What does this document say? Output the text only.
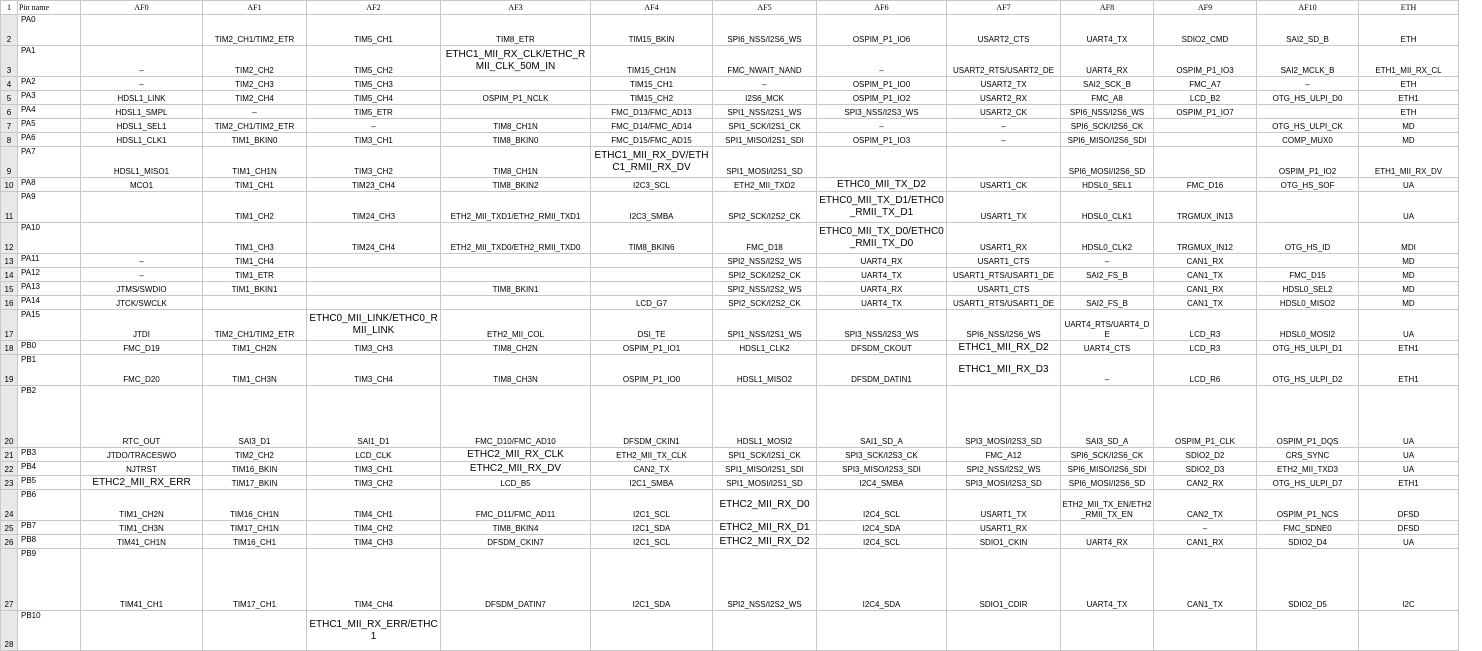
1	Pin name	AF0	AF1	AF2	AF3	AF4	AF5	AF6	AF7	AF8	AF9	AF10	ETH
2	PA0		TIM2_CH1/TIM2_ETR	TIM5_CH1	TIM8_ETR	TIM15_BKIN	SPI6_NSS/I2S6_WS	OSPIM_P1_IO6	USART2_CTS	UART4_TX	SDIO2_CMD	SAI2_SD_B	ETH
3	PA1	–	TIM2_CH2	TIM5_CH2	ETHC1_MII_RX_CLK/ETHC_RMII_CLK_50M_IN	TIM15_CH1N	FMC_NWAIT_NAND	–	USART2_RTS/USART2_DE	UART4_RX	OSPIM_P1_IO3	SAI2_MCLK_B	ETH1_MII_RX_CL
4	PA2	–	TIM2_CH3	TIM5_CH3		TIM15_CH1	–	OSPIM_P1_IO0	USART2_TX	SAI2_SCK_B	FMC_A7	–	ETH
5	PA3	HDSL1_LINK	TIM2_CH4	TIM5_CH4	OSPIM_P1_NCLK	TIM15_CH2	I2S6_MCK	OSPIM_P1_IO2	USART2_RX	FMC_A8	LCD_B2	OTG_HS_ULPI_D0	ETH1
6	PA4	HDSL1_SMPL	–	TIM5_ETR		FMC_D13/FMC_AD13	SPI1_NSS/I2S1_WS	SPI3_NSS/I2S3_WS	USART2_CK	SPI6_NSS/I2S6_WS	OSPIM_P1_IO7		ETH
7	PA5	HDSL1_SEL1	TIM2_CH1/TIM2_ETR	–	TIM8_CH1N	FMC_D14/FMC_AD14	SPI1_SCK/I2S1_CK	–	–	SPI6_SCK/I2S6_CK		OTG_HS_ULPI_CK	MD
8	PA6	HDSL1_CLK1	TIM1_BKIN0	TIM3_CH1	TIM8_BKIN0	FMC_D15/FMC_AD15	SPI1_MISO/I2S1_SDI	OSPIM_P1_IO3	–	SPI6_MISO/I2S6_SDI		COMP_MUX0	MD
9	PA7	HDSL1_MISO1	TIM1_CH1N	TIM3_CH2	TIM8_CH1N	ETHC1_MII_RX_DV/ETHC1_RMII_RX_DV	SPI1_MOSI/I2S1_SD			SPI6_MOSI/I2S6_SD		OSPIM_P1_IO2	ETH1_MII_RX_DV
10	PA8	MCO1	TIM1_CH1	TIM23_CH4	TIM8_BKIN2	I2C3_SCL	ETH2_MII_TXD2	ETHC0_MII_TX_D2	USART1_CK	HDSL0_SEL1	FMC_D16	OTG_HS_SOF	UA
11	PA9		TIM1_CH2	TIM24_CH3	ETH2_MII_TXD1/ETH2_RMII_TXD1	I2C3_SMBA	SPI2_SCK/I2S2_CK	ETHC0_MII_TX_D1/ETHC0_RMII_TX_D1	USART1_TX	HDSL0_CLK1	TRGMUX_IN13		UA
12	PA10		TIM1_CH3	TIM24_CH4	ETH2_MII_TXD0/ETH2_RMII_TXD0	TIM8_BKIN6	FMC_D18	ETHC0_MII_TX_D0/ETHC0_RMII_TX_D0	USART1_RX	HDSL0_CLK2	TRGMUX_IN12	OTG_HS_ID	MDI
13	PA11	–	TIM1_CH4				SPI2_NSS/I2S2_WS	UART4_RX	USART1_CTS	–	CAN1_RX		MD
14	PA12	–	TIM1_ETR				SPI2_SCK/I2S2_CK	UART4_TX	USART1_RTS/USART1_DE	SAI2_FS_B	CAN1_TX	FMC_D15	MD
15	PA13	JTMS/SWDIO	TIM1_BKIN1		TIM8_BKIN1		SPI2_NSS/I2S2_WS	UART4_RX	USART1_CTS		CAN1_RX	HDSL0_SEL2	MD
16	PA14	JTCK/SWCLK				LCD_G7	SPI2_SCK/I2S2_CK	UART4_TX	USART1_RTS/USART1_DE	SAI2_FS_B	CAN1_TX	HDSL0_MISO2	MD
17	PA15	JTDI	TIM2_CH1/TIM2_ETR	ETHC0_MII_LINK/ETHC0_RMII_LINK	ETH2_MII_COL	DSI_TE	SPI1_NSS/I2S1_WS	SPI3_NSS/I2S3_WS	SPI6_NSS/I2S6_WS	UART4_RTS/UART4_DE	LCD_R3	HDSL0_MOSI2	UA
18	PB0	FMC_D19	TIM1_CH2N	TIM3_CH3	TIM8_CH2N	OSPIM_P1_IO1	HDSL1_CLK2	DFSDM_CKOUT	ETHC1_MII_RX_D2	UART4_CTS	LCD_R3	OTG_HS_ULPI_D1	ETH1
19	PB1	FMC_D20	TIM1_CH3N	TIM3_CH4	TIM8_CH3N	OSPIM_P1_IO0	HDSL1_MISO2	DFSDM_DATIN1	ETHC1_MII_RX_D3	–	LCD_R6	OTG_HS_ULPI_D2	ETH1
20	PB2	RTC_OUT	SAI3_D1	SAI1_D1	FMC_D10/FMC_AD10	DFSDM_CKIN1	HDSL1_MOSI2	SAI1_SD_A	SPI3_MOSI/I2S3_SD	SAI3_SD_A	OSPIM_P1_CLK	OSPIM_P1_DQS	UA
21	PB3	JTDO/TRACESWO	TIM2_CH2	LCD_CLK	ETHC2_MII_RX_CLK	ETH2_MII_TX_CLK	SPI1_SCK/I2S1_CK	SPI3_SCK/I2S3_CK	FMC_A12	SPI6_SCK/I2S6_CK	SDIO2_D2	CRS_SYNC	UA
22	PB4	NJTRST	TIM16_BKIN	TIM3_CH1	ETHC2_MII_RX_DV	CAN2_TX	SPI1_MISO/I2S1_SDI	SPI3_MISO/I2S3_SDI	SPI2_NSS/I2S2_WS	SPI6_MISO/I2S6_SDI	SDIO2_D3	ETH2_MII_TXD3	UA
23	PB5	ETHC2_MII_RX_ERR	TIM17_BKIN	TIM3_CH2	LCD_B5	I2C1_SMBA	SPI1_MOSI/I2S1_SD	I2C4_SMBA	SPI3_MOSI/I2S3_SD	SPI6_MOSI/I2S6_SD	CAN2_RX	OTG_HS_ULPI_D7	ETH1
24	PB6	TIM1_CH2N	TIM16_CH1N	TIM4_CH1	FMC_D11/FMC_AD11	I2C1_SCL	ETHC2_MII_RX_D0	I2C4_SCL	USART1_TX	ETH2_MII_TX_EN/ETH2_RMII_TX_EN	CAN2_TX	OSPIM_P1_NCS	DFSD
25	PB7	TIM1_CH3N	TIM17_CH1N	TIM4_CH2	TIM8_BKIN4	I2C1_SDA	ETHC2_MII_RX_D1	I2C4_SDA	USART1_RX		–	FMC_SDNE0	DFSD
26	PB8	TIM41_CH1N	TIM16_CH1	TIM4_CH3	DFSDM_CKIN7	I2C1_SCL	ETHC2_MII_RX_D2	I2C4_SCL	SDIO1_CKIN	UART4_RX	CAN1_RX	SDIO2_D4	UA
27	PB9	TIM41_CH1	TIM17_CH1	TIM4_CH4	DFSDM_DATIN7	I2C1_SDA	SPI2_NSS/I2S2_WS	I2C4_SDA	SDIO1_CDIR	UART4_TX	CAN1_TX	SDIO2_D5	I2C
28	PB10			ETHC1_MII_RX_ERR/ETHC1									
